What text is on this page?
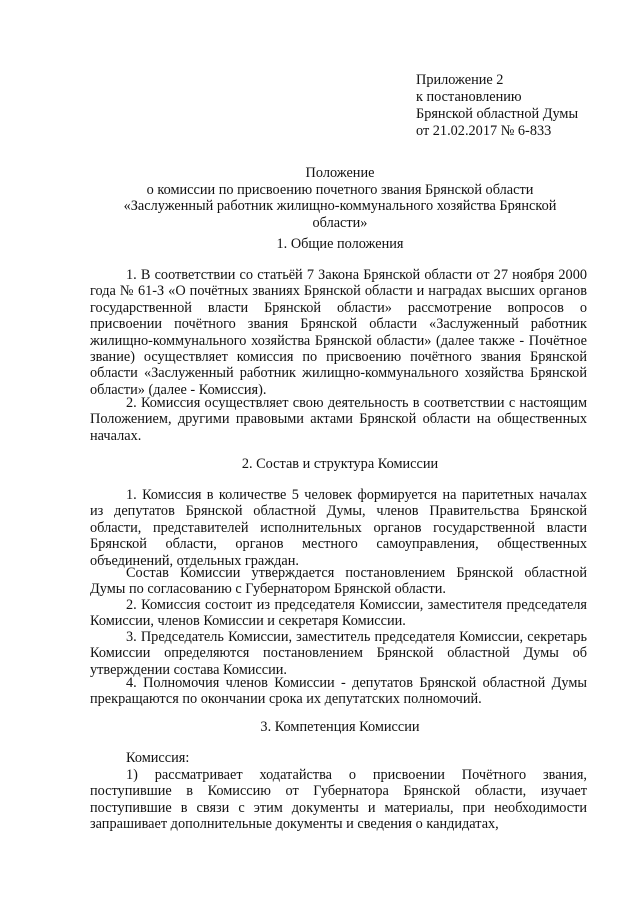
Приложение 2
к постановлению
Брянской областной Думы
от 21.02.2017 № 6-833
Положение
о комиссии по присвоению почетного звания Брянской области
«Заслуженный работник жилищно-коммунального хозяйства Брянской
области»
1. Общие положения

1. В соответствии со статьёй 7 Закона Брянской области от 27 ноября 2000 года № 61-З «О почётных званиях Брянской области и наградах высших органов государственной власти Брянской области» рассмотрение вопросов о присвоении почётного звания Брянской области «Заслуженный работник жилищно-коммунального хозяйства Брянской области» (далее также - Почётное звание) осуществляет комиссия по присвоению почётного звания Брянской области «Заслуженный работник жилищно-коммунального хозяйства Брянской области» (далее - Комиссия).

2. Комиссия осуществляет свою деятельность в соответствии с настоящим Положением, другими правовыми актами Брянской области на общественных началах.

2. Состав и структура Комиссии

1. Комиссия в количестве 5 человек формируется на паритетных началах из депутатов Брянской областной Думы, членов Правительства Брянской области, представителей исполнительных органов государственной власти Брянской области, органов местного самоуправления, общественных объединений, отдельных граждан.

Состав Комиссии утверждается постановлением Брянской областной Думы по согласованию с Губернатором Брянской области.

2. Комиссия состоит из председателя Комиссии, заместителя председателя Комиссии, членов Комиссии и секретаря Комиссии.

3. Председатель Комиссии, заместитель председателя Комиссии, секретарь Комиссии определяются постановлением Брянской областной Думы об утверждении состава Комиссии.

4. Полномочия членов Комиссии - депутатов Брянской областной Думы прекращаются по окончании срока их депутатских полномочий.

3. Компетенция Комиссии

Комиссия:

1) рассматривает ходатайства о присвоении Почётного звания, поступившие в Комиссию от Губернатора Брянской области, изучает поступившие в связи с этим документы и материалы, при необходимости запрашивает дополнительные документы и сведения о кандидатах,
